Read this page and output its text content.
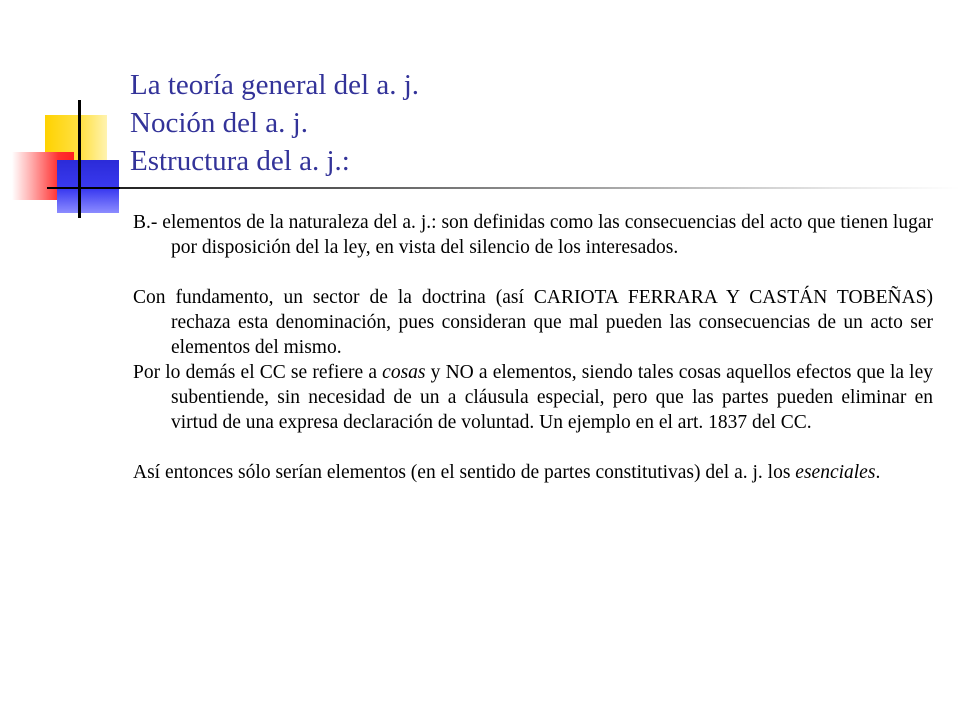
La teoría general del a. j.
Noción del a. j.
Estructura del a. j.:

B.- elementos de la naturaleza del a. j.: son definidas como las consecuencias del acto que tienen lugar por disposición del la ley, en vista del silencio de los interesados.

Con fundamento, un sector de la doctrina (así CARIOTA FERRARA Y CASTÁN TOBEÑAS) rechaza esta denominación, pues consideran que mal pueden las consecuencias de un acto ser elementos del mismo.

Por lo demás el CC se refiere a cosas y NO a elementos, siendo tales cosas aquellos efectos que la ley subentiende, sin necesidad de un a cláusula especial, pero que las partes pueden eliminar en virtud de una expresa declaración de voluntad. Un ejemplo en el art. 1837 del CC.

Así entonces sólo serían elementos (en el sentido de partes constitutivas) del a. j. los esenciales.
